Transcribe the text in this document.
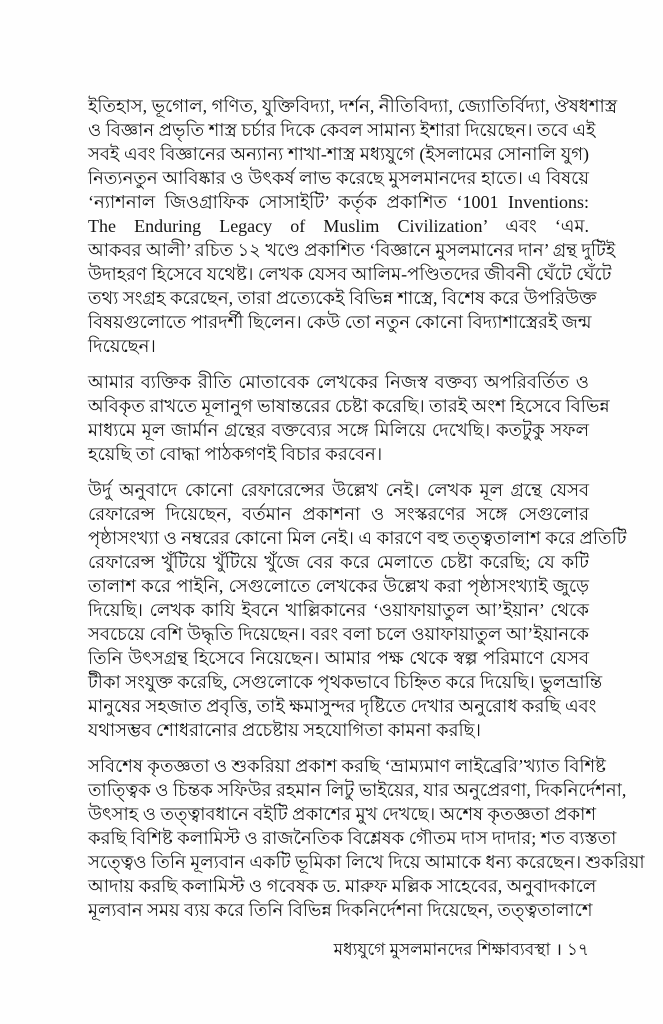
ইতিহাস, ভূগোল, গণিত, যুক্তিবিদ্যা, দর্শন, নীতিবিদ্যা, জ্যোতির্বিদ্যা, ঔষধশাস্ত্র
ও বিজ্ঞান প্রভৃতি শাস্ত্র চর্চার দিকে কেবল সামান্য ইশারা দিয়েছেন। তবে এই
সবই এবং বিজ্ঞানের অন্যান্য শাখা-শাস্ত্র মধ্যযুগে (ইসলামের সোনালি যুগ)
নিত্যনতুন আবিষ্কার ও উৎকর্ষ লাভ করেছে মুসলমানদের হাতে। এ বিষয়ে
‘ন্যাশনাল জিওগ্রাফিক সোসাইটি’ কর্তৃক প্রকাশিত ‘1001 Inventions:
The Enduring Legacy of Muslim Civilization’ এবং ‘এম.
আকবর আলী’ রচিত ১২ খণ্ডে প্রকাশিত ‘বিজ্ঞানে মুসলমানের দান’ গ্রন্থ দুটিই
উদাহরণ হিসেবে যথেষ্ট। লেখক যেসব আলিম-পণ্ডিতদের জীবনী ঘেঁটে ঘেঁটে
তথ্য সংগ্রহ করেছেন, তারা প্রত্যেকেই বিভিন্ন শাস্ত্রে, বিশেষ করে উপরিউক্ত
বিষয়গুলোতে পারদর্শী ছিলেন। কেউ তো নতুন কোনো বিদ্যাশাস্ত্রেরই জন্ম
দিয়েছেন।
আমার ব্যক্তিক রীতি মোতাবেক লেখকের নিজস্ব বক্তব্য অপরিবর্তিত ও
অবিকৃত রাখতে মূলানুগ ভাষান্তরের চেষ্টা করেছি। তারই অংশ হিসেবে বিভিন্ন
মাধ্যমে মূল জার্মান গ্রন্থের বক্তব্যের সঙ্গে মিলিয়ে দেখেছি। কতটুকু সফল
হয়েছি তা বোদ্ধা পাঠকগণই বিচার করবেন।
উর্দু অনুবাদে কোনো রেফারেন্সের উল্লেখ নেই। লেখক মূল গ্রন্থে যেসব
রেফারেন্স দিয়েছেন, বর্তমান প্রকাশনা ও সংস্করণের সঙ্গে সেগুলোর
পৃষ্ঠাসংখ্যা ও নম্বরের কোনো মিল নেই। এ কারণে বহু তত্ত্বতালাশ করে প্রতিটি
রেফারেন্স খুঁটিয়ে খুঁটিয়ে খুঁজে বের করে মেলাতে চেষ্টা করেছি; যে কটি
তালাশ করে পাইনি, সেগুলোতে লেখকের উল্লেখ করা পৃষ্ঠাসংখ্যাই জুড়ে
দিয়েছি। লেখক কাযি ইবনে খাল্লিকানের ‘ওয়াফায়াতুল আ’ইয়ান’ থেকে
সবচেয়ে বেশি উদ্ধৃতি দিয়েছেন। বরং বলা চলে ওয়াফায়াতুল আ’ইয়ানকে
তিনি উৎসগ্রন্থ হিসেবে নিয়েছেন। আমার পক্ষ থেকে স্বল্প পরিমাণে যেসব
টীকা সংযুক্ত করেছি, সেগুলোকে পৃথকভাবে চিহ্নিত করে দিয়েছি। ভুলভ্রান্তি
মানুষের সহজাত প্রবৃত্তি, তাই ক্ষমাসুন্দর দৃষ্টিতে দেখার অনুরোধ করছি এবং
যথাসম্ভব শোধরানোর প্রচেষ্টায় সহযোগিতা কামনা করছি।
সবিশেষ কৃতজ্ঞতা ও শুকরিয়া প্রকাশ করছি ‘ভ্রাম্যমাণ লাইব্রেরি’খ্যাত বিশিষ্ট
তাত্ত্বিক ও চিন্তক সফিউর রহমান লিটু ভাইয়ের, যার অনুপ্রেরণা, দিকনির্দেশনা,
উৎসাহ ও তত্ত্বাবধানে বইটি প্রকাশের মুখ দেখছে। অশেষ কৃতজ্ঞতা প্রকাশ
করছি বিশিষ্ট কলামিস্ট ও রাজনৈতিক বিশ্লেষক গৌতম দাস দাদার; শত ব্যস্ততা
সত্ত্বেও তিনি মূল্যবান একটি ভূমিকা লিখে দিয়ে আমাকে ধন্য করেছেন। শুকরিয়া
আদায় করছি কলামিস্ট ও গবেষক ড. মারুফ মল্লিক সাহেবের, অনুবাদকালে
মূল্যবান সময় ব্যয় করে তিনি বিভিন্ন দিকনির্দেশনা দিয়েছেন, তত্ত্বতালাশে
মধ্যযুগে মুসলমানদের শিক্ষাব্যবস্থা । ১৭
